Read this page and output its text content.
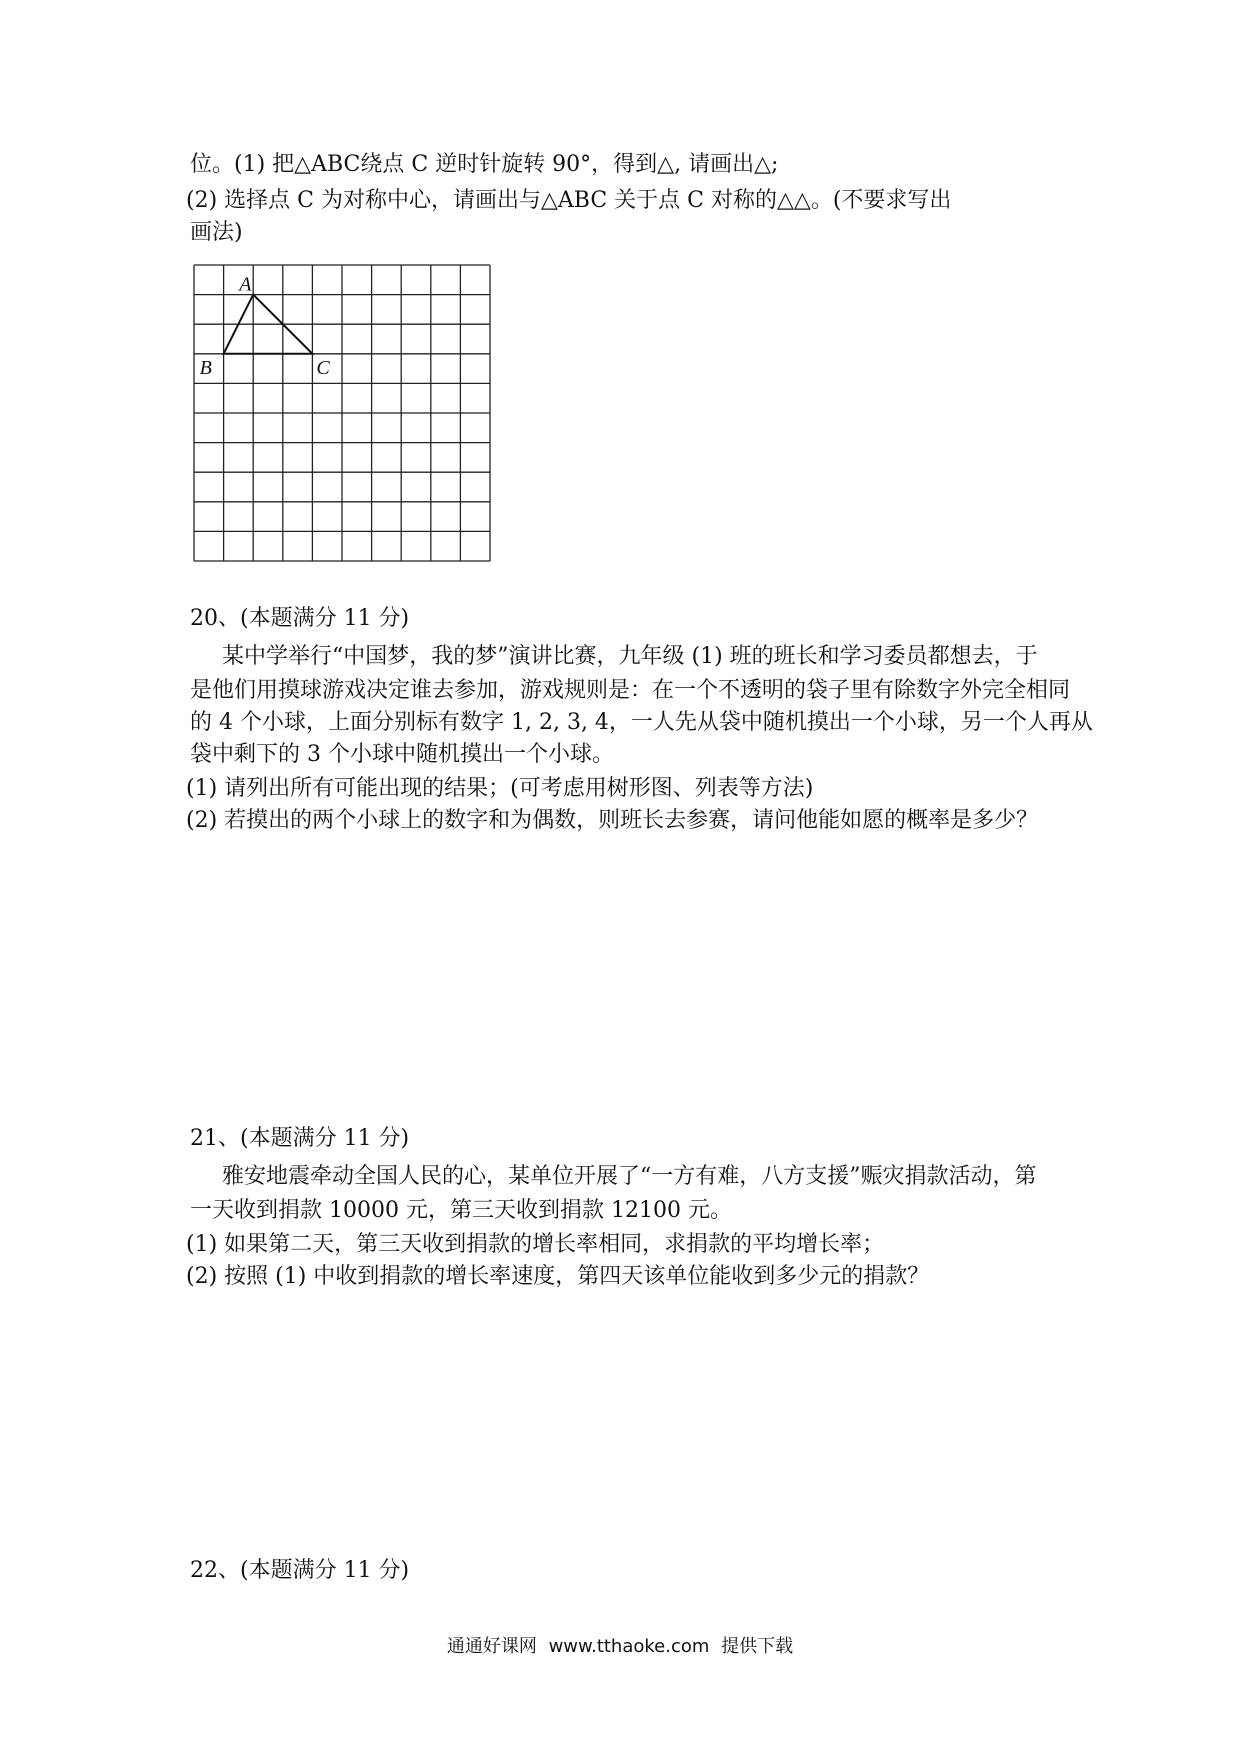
位。(1) 把△ABC绕点 C 逆时针旋转 90°，得到△, 请画出△;
(2) 选择点 C 为对称中心，请画出与△ABC 关于点 C 对称的△△。(不要求写出
画法)
A
B	C
20、(本题满分 11 分)
某中学举行“中国梦，我的梦”演讲比赛，九年级 (1) 班的班长和学习委员都想去，于
是他们用摸球游戏决定谁去参加，游戏规则是：在一个不透明的袋子里有除数字外完全相同
的 4 个小球，上面分别标有数字 1, 2, 3, 4，一人先从袋中随机摸出一个小球，另一个人再从
袋中剩下的 3 个小球中随机摸出一个小球。
(1) 请列出所有可能出现的结果；(可考虑用树形图、列表等方法)
(2) 若摸出的两个小球上的数字和为偶数，则班长去参赛，请问他能如愿的概率是多少？
21、(本题满分 11 分)
雅安地震牵动全国人民的心，某单位开展了“一方有难，八方支援”赈灾捐款活动，第
一天收到捐款 10000 元，第三天收到捐款 12100 元。
(1) 如果第二天，第三天收到捐款的增长率相同，求捐款的平均增长率；
(2) 按照 (1) 中收到捐款的增长率速度，第四天该单位能收到多少元的捐款？
22、(本题满分 11 分)
通通好课网 www.tthaoke.com 提供下载
